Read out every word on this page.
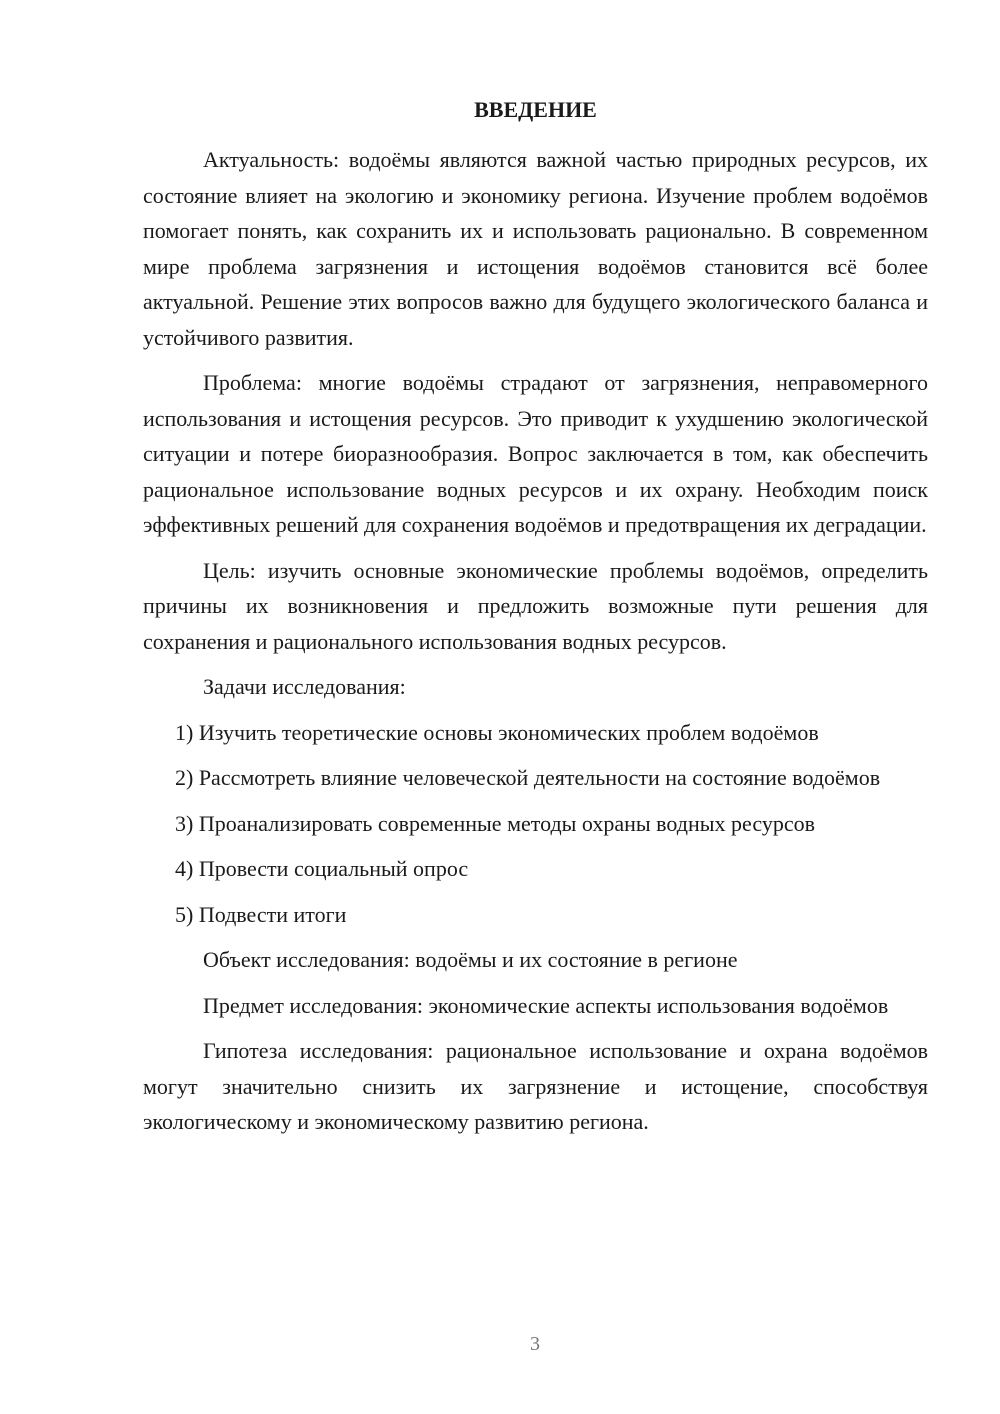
ВВЕДЕНИЕ

Актуальность: водоёмы являются важной частью природных ресурсов, их состояние влияет на экологию и экономику региона. Изучение проблем водоёмов помогает понять, как сохранить их и использовать рационально. В современном мире проблема загрязнения и истощения водоёмов становится всё более актуальной. Решение этих вопросов важно для будущего экологического баланса и устойчивого развития.

Проблема: многие водоёмы страдают от загрязнения, неправомерного использования и истощения ресурсов. Это приводит к ухудшению экологической ситуации и потере биоразнообразия. Вопрос заключается в том, как обеспечить рациональное использование водных ресурсов и их охрану. Необходим поиск эффективных решений для сохранения водоёмов и предотвращения их деградации.

Цель: изучить основные экономические проблемы водоёмов, определить причины их возникновения и предложить возможные пути решения для сохранения и рационального использования водных ресурсов.

Задачи исследования:

1) Изучить теоретические основы экономических проблем водоёмов

2) Рассмотреть влияние человеческой деятельности на состояние водоёмов

3) Проанализировать современные методы охраны водных ресурсов

4) Провести социальный опрос

5) Подвести итоги

Объект исследования: водоёмы и их состояние в регионе

Предмет исследования: экономические аспекты использования водоёмов

Гипотеза исследования: рациональное использование и охрана водоёмов могут значительно снизить их загрязнение и истощение, способствуя экологическому и экономическому развитию региона.

3
